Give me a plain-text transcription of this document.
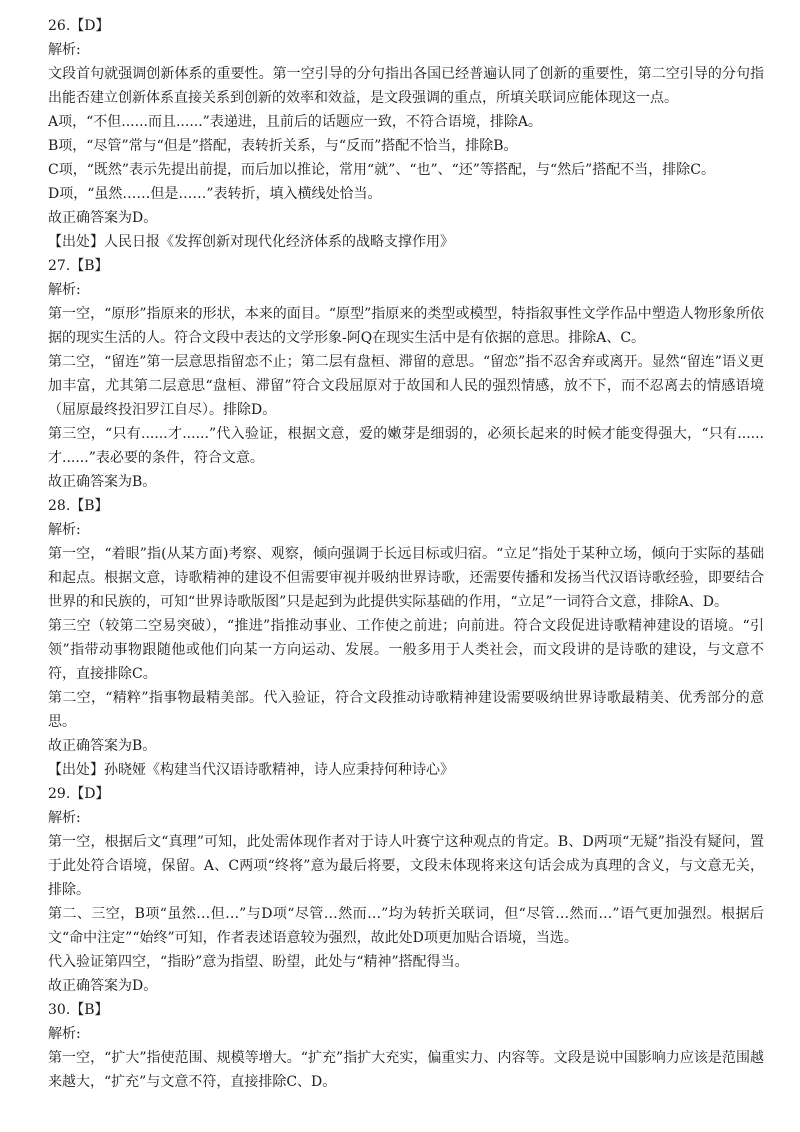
26.【D】

解析:

文段首句就强调创新体系的重要性。第一空引导的分句指出各国已经普遍认同了创新的重要性，第二空引导的分句指出能否建立创新体系直接关系到创新的效率和效益，是文段强调的重点，所填关联词应能体现这一点。

A项，“不但......而且......”表递进，且前后的话题应一致，不符合语境，排除A。

B项，“尽管”常与“但是”搭配，表转折关系，与“反而”搭配不恰当，排除B。

C项，“既然”表示先提出前提，而后加以推论，常用“就”、“也”、“还”等搭配，与“然后”搭配不当，排除C。

D项，“虽然……但是……”表转折，填入横线处恰当。

故正确答案为D。

【出处】人民日报《发挥创新对现代化经济体系的战略支撑作用》

27.【B】

解析:

第一空，“原形”指原来的形状，本来的面目。“原型”指原来的类型或模型，特指叙事性文学作品中塑造人物形象所依据的现实生活的人。符合文段中表达的文学形象-阿Q在现实生活中是有依据的意思。排除A、C。

第二空，“留连”第一层意思指留恋不止；第二层有盘桓、滞留的意思。“留恋”指不忍舍弃或离开。显然“留连”语义更加丰富，尤其第二层意思“盘桓、滞留”符合文段屈原对于故国和人民的强烈情感，放不下，而不忍离去的情感语境（屈原最终投汨罗江自尽）。排除D。

第三空，“只有......才......”代入验证，根据文意，爱的嫩芽是细弱的，必须长起来的时候才能变得强大，“只有......才......”表必要的条件，符合文意。

故正确答案为B。

28.【B】

解析:

第一空，“着眼”指(从某方面)考察、观察，倾向强调于长远目标或归宿。“立足”指处于某种立场，倾向于实际的基础和起点。根据文意，诗歌精神的建设不但需要审视并吸纳世界诗歌，还需要传播和发扬当代汉语诗歌经验，即要结合世界的和民族的，可知“世界诗歌版图”只是起到为此提供实际基础的作用，“立足”一词符合文意，排除A、D。

第三空（较第二空易突破），“推进”指推动事业、工作使之前进；向前进。符合文段促进诗歌精神建设的语境。“引领”指带动事物跟随他或他们向某一方向运动、发展。一般多用于人类社会，而文段讲的是诗歌的建设，与文意不符，直接排除C。

第二空，“精粹”指事物最精美部。代入验证，符合文段推动诗歌精神建设需要吸纳世界诗歌最精美、优秀部分的意思。

故正确答案为B。

【出处】孙晓娅《构建当代汉语诗歌精神，诗人应秉持何种诗心》

29.【D】

解析:

第一空，根据后文“真理”可知，此处需体现作者对于诗人叶赛宁这种观点的肯定。B、D两项“无疑”指没有疑问，置于此处符合语境，保留。A、C两项“终将”意为最后将要，文段未体现将来这句话会成为真理的含义，与文意无关，排除。

第二、三空，B项“虽然…但…”与D项“尽管…然而…”均为转折关联词，但“尽管…然而…”语气更加强烈。根据后文“命中注定”“始终”可知，作者表述语意较为强烈，故此处D项更加贴合语境，当选。

代入验证第四空，“指盼”意为指望、盼望，此处与“精神”搭配得当。

故正确答案为D。

30.【B】

解析:

第一空，“扩大”指使范围、规模等增大。“扩充”指扩大充实，偏重实力、内容等。文段是说中国影响力应该是范围越来越大，“扩充”与文意不符，直接排除C、D。
